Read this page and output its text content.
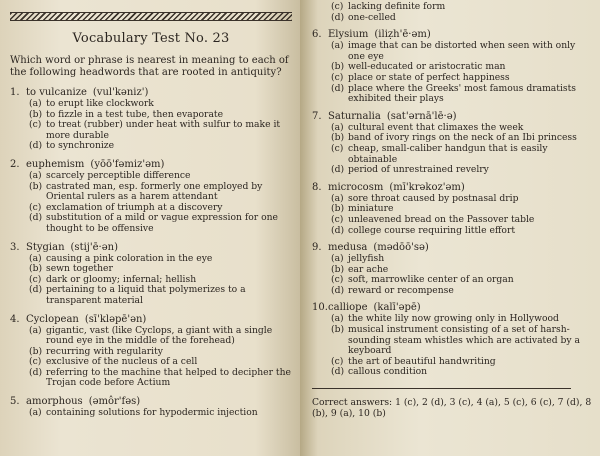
Vocabulary Test No. 23
Which word or phrase is nearest in meaning to each of the following headwords that are rooted in antiquity?
1. to vulcanize (vul'kəniz')
(a) to erupt like clockwork
(b) to fizzle in a test tube, then evaporate
(c) to treat (rubber) under heat with sulfur to make it more durable
(d) to synchronize
2. euphemism (yōō'fəmiz'əm)
(a) scarcely perceptible difference
(b) castrated man, esp. formerly one employed by Oriental rulers as a harem attendant
(c) exclamation of triumph at a discovery
(d) substitution of a mild or vague expression for one thought to be offensive
3. Stygian (stij'ē·ən)
(a) causing a pink coloration in the eye
(b) sewn together
(c) dark or gloomy; infernal; hellish
(d) pertaining to a liquid that polymerizes to a transparent material
4. Cyclopean (sī'kləpē'ən)
(a) gigantic, vast (like Cyclops, a giant with a single round eye in the middle of the forehead)
(b) recurring with regularity
(c) exclusive of the nucleus of a cell
(d) referring to the machine that helped to decipher the Trojan code before Actium
5. amorphous (əmôr'fəs)
(a) containing solutions for hypodermic injection
(c) lacking definite form
(d) one-celled
6. Elysium (iliẓh'ē·əm)
(a) image that can be distorted when seen with only one eye
(b) well-educated or aristocratic man
(c) place or state of perfect happiness
(d) place where the Greeks' most famous dramatists exhibited their plays
7. Saturnalia (sat'ərnā'lē·ə)
(a) cultural event that climaxes the week
(b) band of ivory rings on the neck of an Ibi princess
(c) cheap, small-caliber handgun that is easily obtainable
(d) period of unrestrained revelry
8. microcosm (mī'krəkoz'əm)
(a) sore throat caused by postnasal drip
(b) miniature
(c) unleavened bread on the Passover table
(d) college course requiring little effort
9. medusa (mədōō'sə)
(a) jellyfish
(b) ear ache
(c) soft, marrowlike center of an organ
(d) reward or recompense
10.calliope (kalī'əpē)
(a) the white lily now growing only in Hollywood
(b) musical instrument consisting of a set of harsh-sounding steam whistles which are activated by a keyboard
(c) the art of beautiful handwriting
(d) callous condition
Correct answers: 1 (c), 2 (d), 3 (c), 4 (a), 5 (c), 6 (c), 7 (d), 8 (b), 9 (a), 10 (b)
